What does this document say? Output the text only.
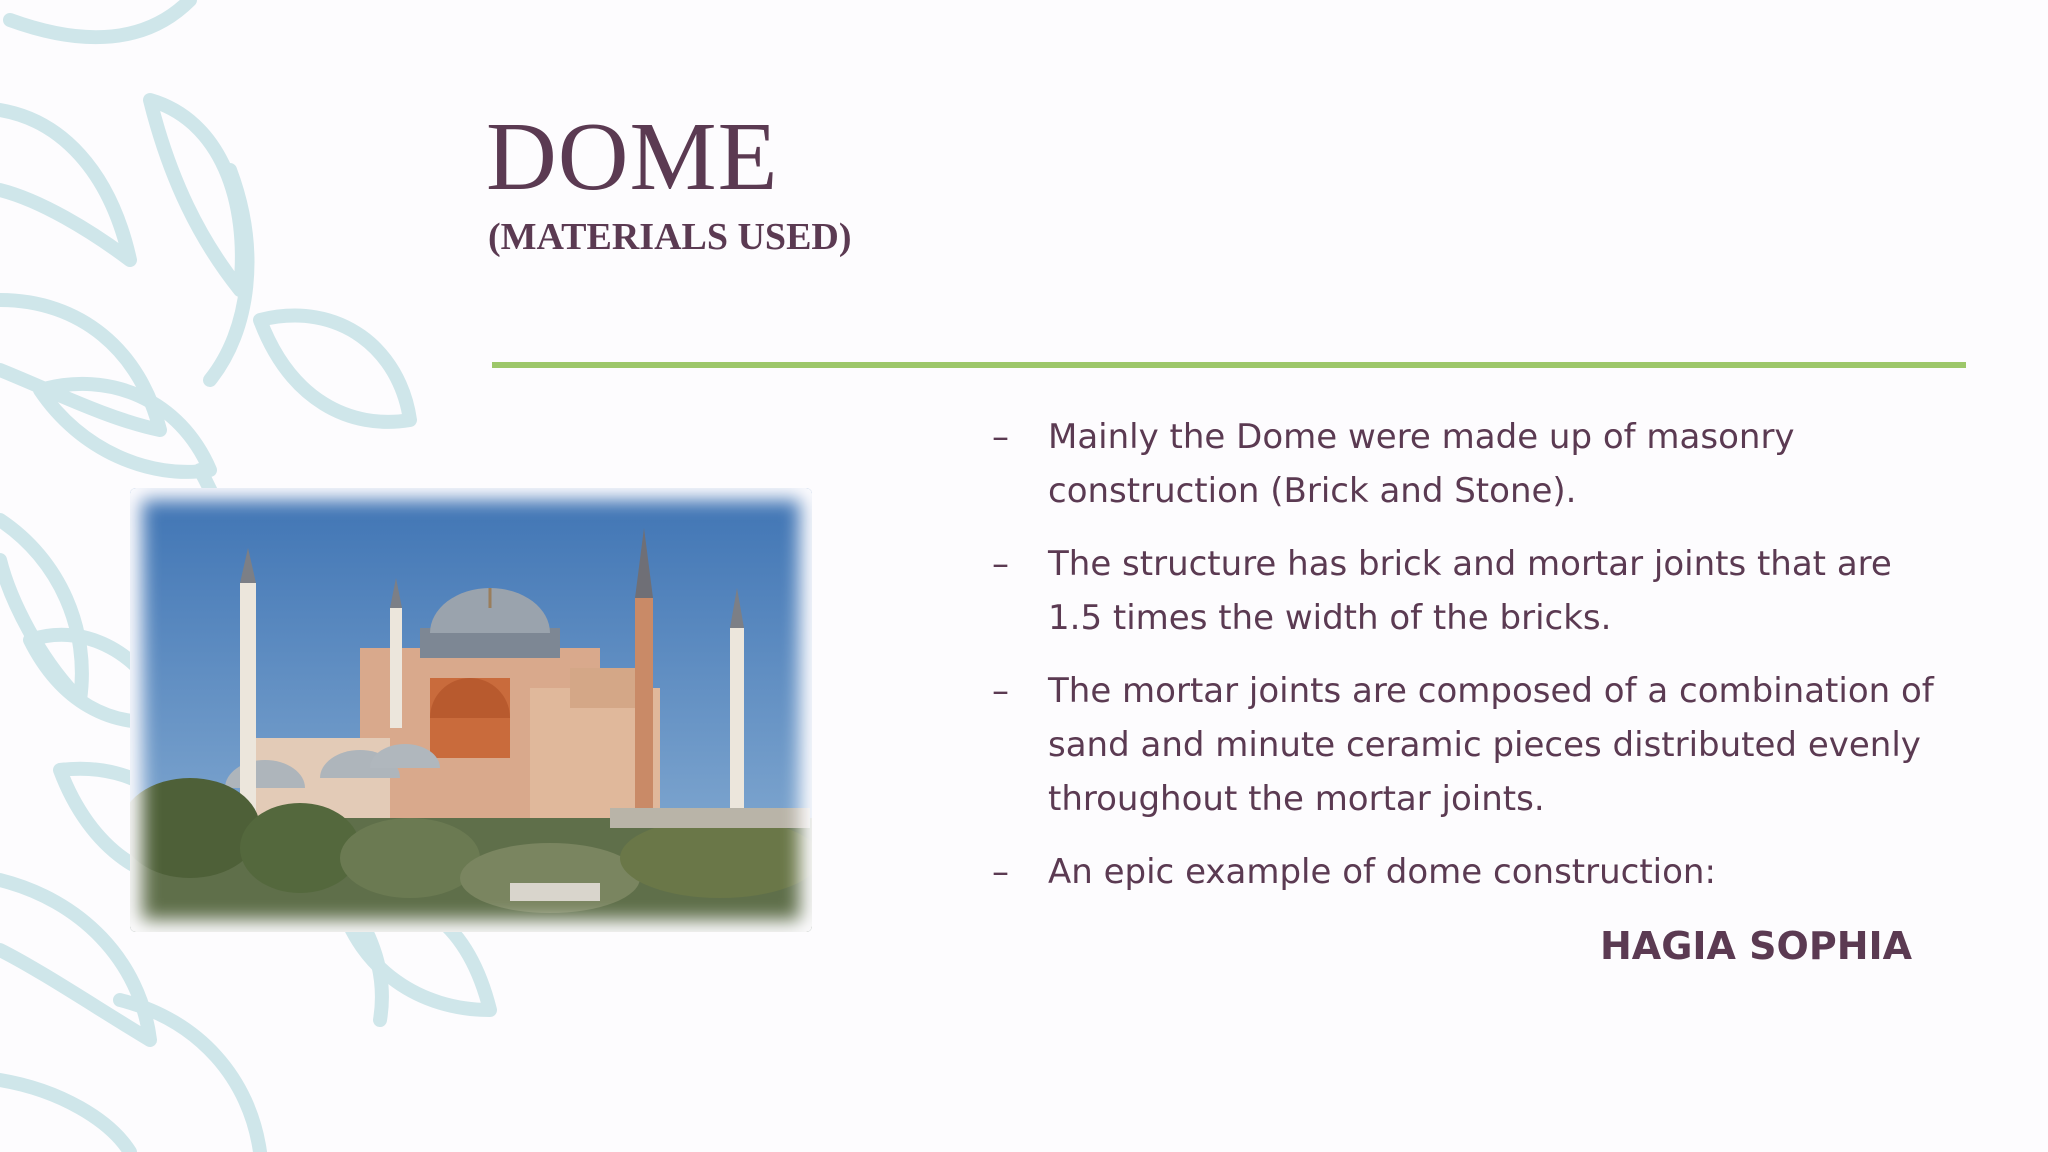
DOME
(MATERIALS USED)
– Mainly the Dome were made up of masonry construction (Brick and Stone).
– The structure has brick and mortar joints that are 1.5 times the width of the bricks.
– The mortar joints are composed of a combination of sand and minute ceramic pieces distributed evenly throughout the mortar joints.
– An epic example of dome construction:

HAGIA SOPHIA
